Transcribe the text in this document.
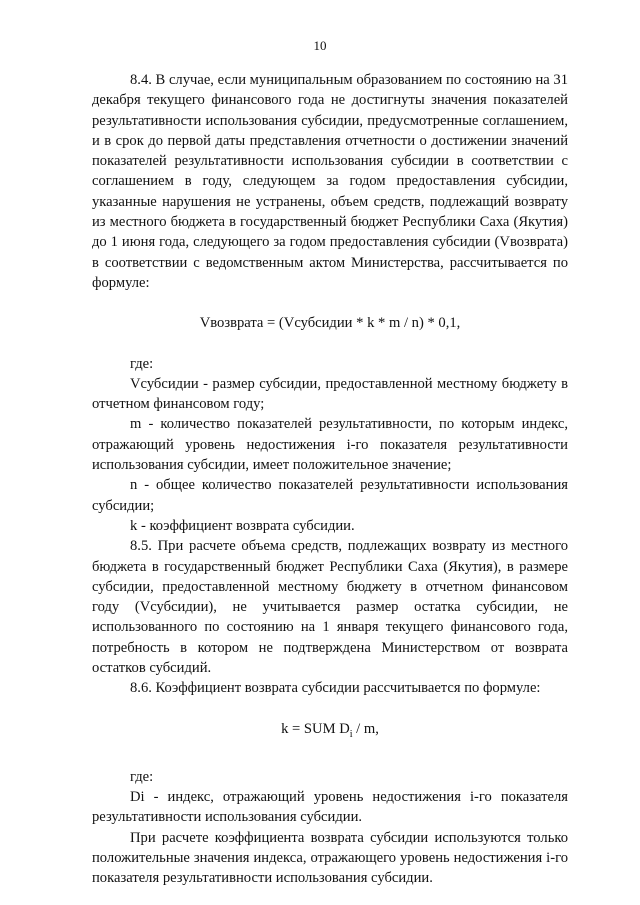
10

8.4. В случае, если муниципальным образованием по состоянию на 31 декабря текущего финансового года не достигнуты значения показателей результативности использования субсидии, предусмотренные соглашением, и в срок до первой даты представления отчетности о достижении значений показателей результативности использования субсидии в соответствии с соглашением в году, следующем за годом предоставления субсидии, указанные нарушения не устранены, объем средств, подлежащий возврату из местного бюджета в государственный бюджет Республики Саха (Якутия) до 1 июня года, следующего за годом предоставления субсидии (Vвозврата) в соответствии с ведомственным актом Министерства, рассчитывается по формуле:

Vвозврата = (Vсубсидии * k * m / n) * 0,1,

где:

Vсубсидии - размер субсидии, предоставленной местному бюджету в отчетном финансовом году;

m - количество показателей результативности, по которым индекс, отражающий уровень недостижения i-го показателя результативности использования субсидии, имеет положительное значение;

n - общее количество показателей результативности использования субсидии;

k - коэффициент возврата субсидии.

8.5. При расчете объема средств, подлежащих возврату из местного бюджета в государственный бюджет Республики Саха (Якутия), в размере субсидии, предоставленной местному бюджету в отчетном финансовом году (Vсубсидии), не учитывается размер остатка субсидии, не использованного по состоянию на 1 января текущего финансового года, потребность в котором не подтверждена Министерством от возврата остатков субсидий.

8.6. Коэффициент возврата субсидии рассчитывается по формуле:

k = SUM $D_i$ / m,

где:

Di - индекс, отражающий уровень недостижения i-го показателя результативности использования субсидии.

При расчете коэффициента возврата субсидии используются только положительные значения индекса, отражающего уровень недостижения i-го показателя результативности использования субсидии.
